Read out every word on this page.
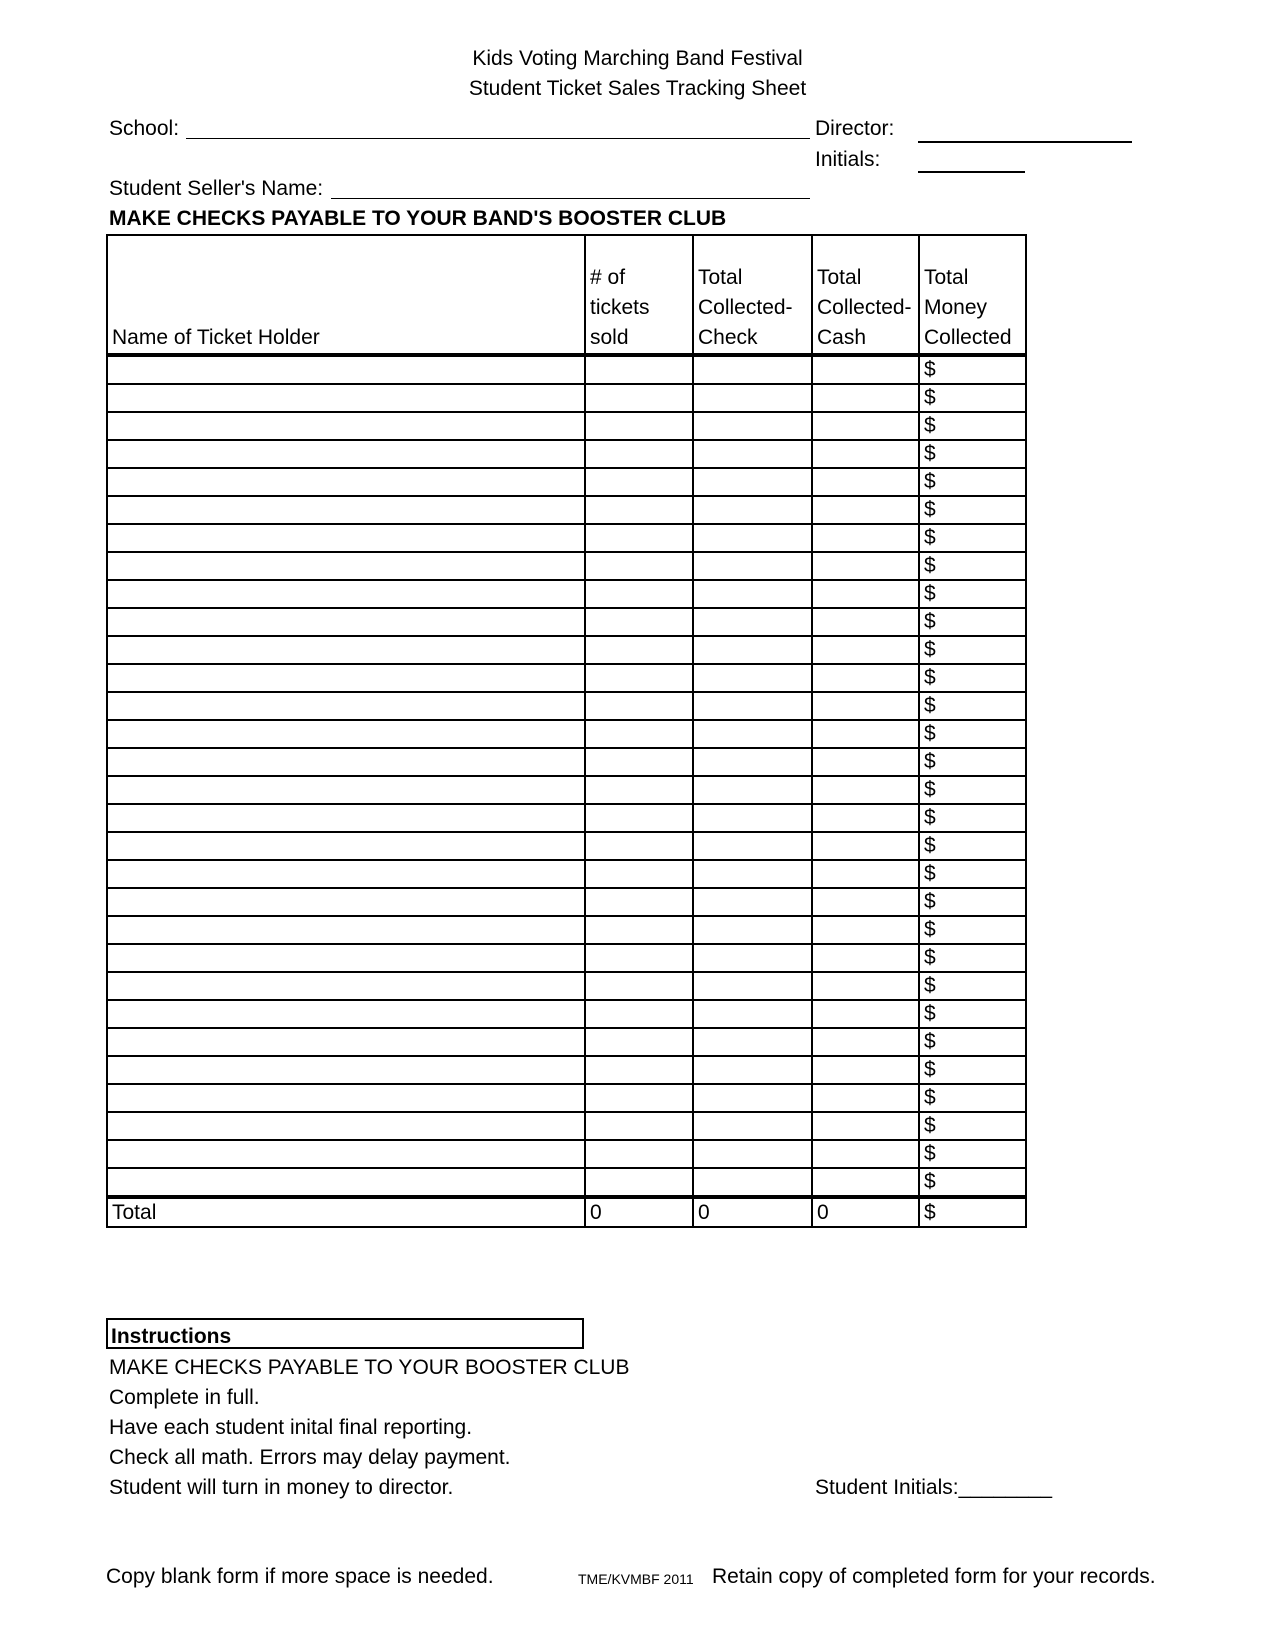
Kids Voting Marching Band Festival
Student Ticket Sales Tracking Sheet
School:	Director:
Initials:
Student Seller's Name:
MAKE CHECKS PAYABLE TO YOUR BAND'S BOOSTER CLUB
Name of Ticket Holder	# of tickets sold	Total Collected-Check	Total Collected-Cash	Total Money Collected
				$
				$
				$
				$
				$
				$
				$
				$
				$
				$
				$
				$
				$
				$
				$
				$
				$
				$
				$
				$
				$
				$
				$
				$
				$
				$
				$
				$
				$
				$
Total	0	0	0	$
Instructions
MAKE CHECKS PAYABLE TO YOUR BOOSTER CLUB
Complete in full.
Have each student inital final reporting.
Check all math. Errors may delay payment.
Student will turn in money to director.	Student Initials:________
Copy blank form if more space is needed.	TME/KVMBF 2011 Retain copy of completed form for your records.
